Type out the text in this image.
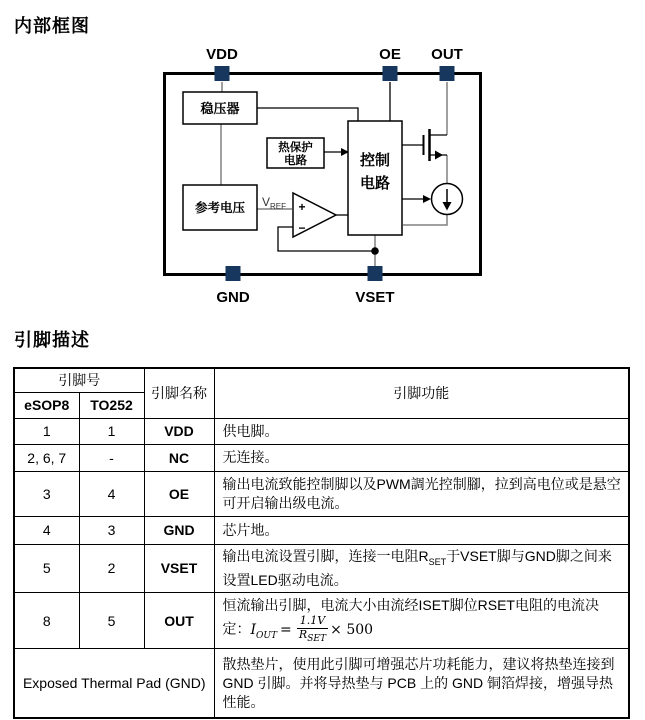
内部框图
稳压器
热保护
电路	控制
电路
参考电压	+
−
$V_{REF}$
VDD	OE OUT
GND	VSET
引脚描述
引脚号		引脚名称	引脚功能
eSOP8	TO252		
1	1	VDD	供电脚。
2, 6, 7	-	NC	无连接。
3	4	OE	输出电流致能控制脚以及PWM調光控制腳，拉到高电位或是悬空可开启输出级电流。
4	3	GND	芯片地。
5	2	VSET	输出电流设置引脚，连接一电阻$R_{SET}$于VSET脚与GND脚之间来设置LED驱动电流。
8	5	OUT	恒流输出引脚，电流大小由流经ISET脚位RSET电阻的电流决
定：$I_{OUT} = \frac{1.1V}{R_{SET}} \times 500$
Exposed Thermal Pad (GND)			散热垫片，使用此引脚可增强芯片功耗能力，建议将热垫连接到 GND 引脚。并将导热垫与 PCB 上的 GND 铜箔焊接，增强导热性能。
